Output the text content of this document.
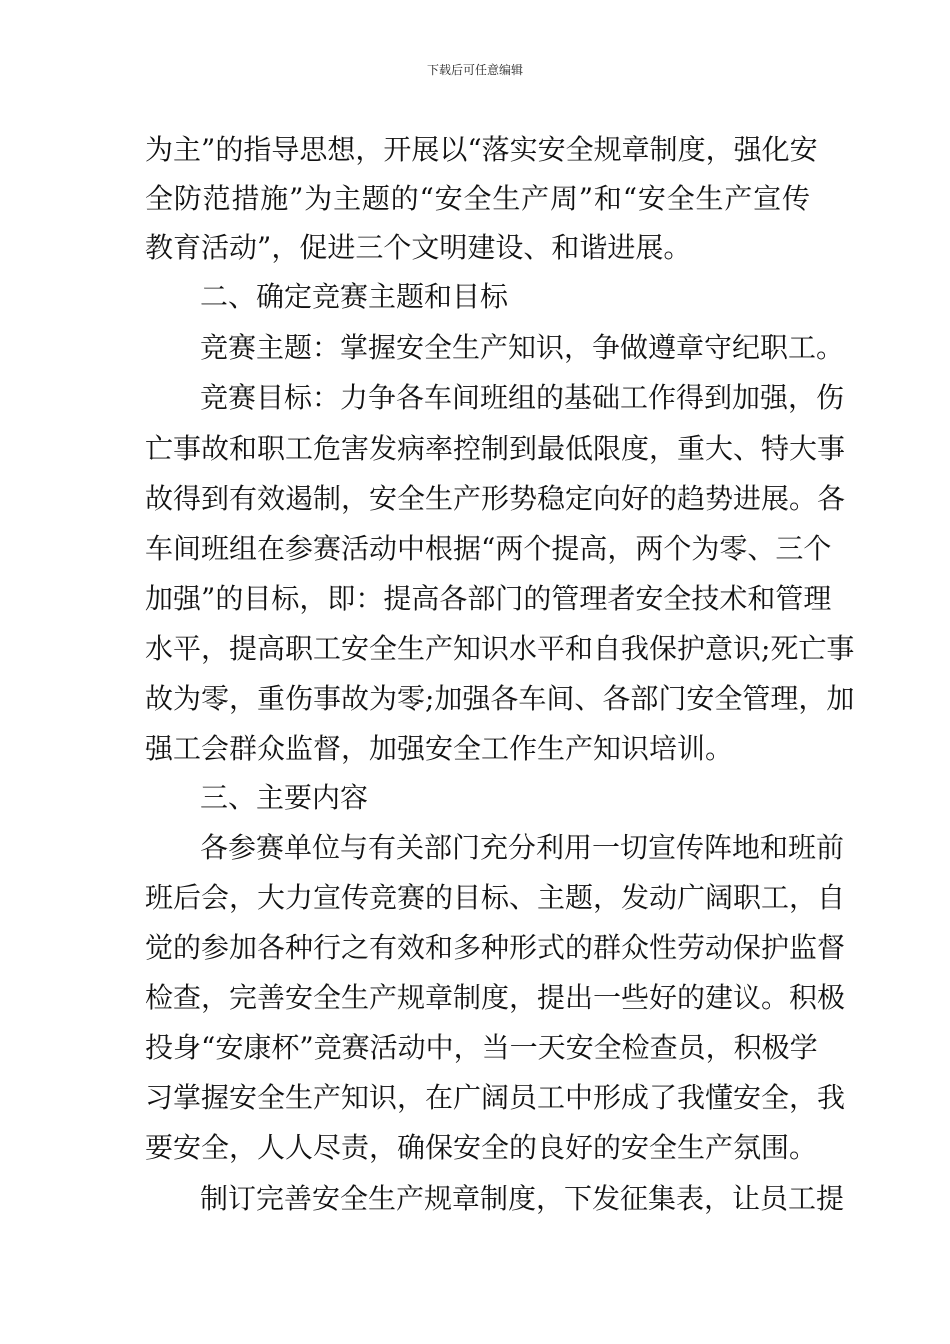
下载后可任意编辑
为主”的指导思想，开展以“落实安全规章制度，强化安
全防范措施”为主题的“安全生产周”和“安全生产宣传
教育活动”，促进三个文明建设、和谐进展。
二、确定竞赛主题和目标
竞赛主题：掌握安全生产知识，争做遵章守纪职工。
竞赛目标：力争各车间班组的基础工作得到加强，伤
亡事故和职工危害发病率控制到最低限度，重大、特大事
故得到有效遏制，安全生产形势稳定向好的趋势进展。各
车间班组在参赛活动中根据“两个提高，两个为零、三个
加强”的目标，即：提高各部门的管理者安全技术和管理
水平，提高职工安全生产知识水平和自我保护意识;死亡事
故为零，重伤事故为零;加强各车间、各部门安全管理，加
强工会群众监督，加强安全工作生产知识培训。
三、主要内容
各参赛单位与有关部门充分利用一切宣传阵地和班前
班后会，大力宣传竞赛的目标、主题，发动广阔职工，自
觉的参加各种行之有效和多种形式的群众性劳动保护监督
检查，完善安全生产规章制度，提出一些好的建议。积极
投身“安康杯”竞赛活动中，当一天安全检查员，积极学
习掌握安全生产知识，在广阔员工中形成了我懂安全，我
要安全，人人尽责，确保安全的良好的安全生产氛围。
制订完善安全生产规章制度，下发征集表，让员工提
